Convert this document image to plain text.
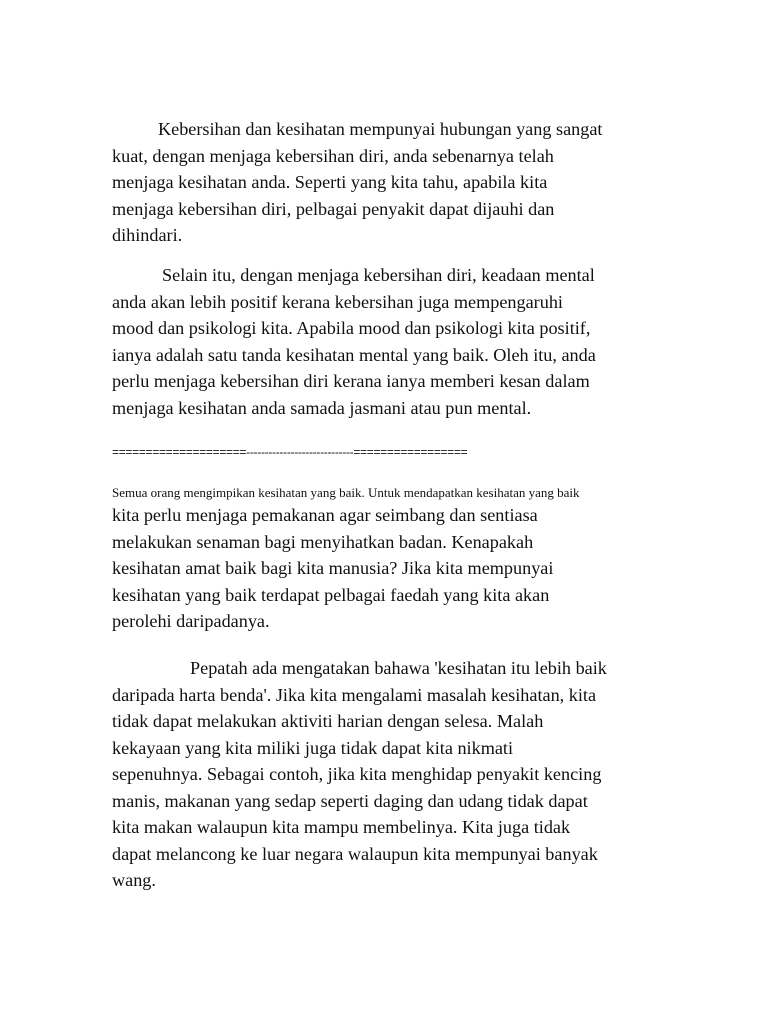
Kebersihan dan kesihatan mempunyai hubungan yang sangat
kuat, dengan menjaga kebersihan diri, anda sebenarnya telah
menjaga kesihatan anda. Seperti yang kita tahu, apabila kita
menjaga kebersihan diri, pelbagai penyakit dapat dijauhi dan
dihindari.
Selain itu, dengan menjaga kebersihan diri, keadaan mental
anda akan lebih positif kerana kebersihan juga mempengaruhi
mood dan psikologi kita. Apabila mood dan psikologi kita positif,
ianya adalah satu tanda kesihatan mental yang baik. Oleh itu, anda
perlu menjaga kebersihan diri kerana ianya memberi kesan dalam
menjaga kesihatan anda samada jasmani atau pun mental.
====================-----------------------------=================
Semua orang mengimpikan kesihatan yang baik. Untuk mendapatkan kesihatan yang baik
kita perlu menjaga pemakanan agar seimbang dan sentiasa
melakukan senaman bagi menyihatkan badan. Kenapakah
kesihatan amat baik bagi kita manusia? Jika kita mempunyai
kesihatan yang baik terdapat pelbagai faedah yang kita akan
perolehi daripadanya.
Pepatah ada mengatakan bahawa 'kesihatan itu lebih baik
daripada harta benda'. Jika kita mengalami masalah kesihatan, kita
tidak dapat melakukan aktiviti harian dengan selesa. Malah
kekayaan yang kita miliki juga tidak dapat kita nikmati
sepenuhnya. Sebagai contoh, jika kita menghidap penyakit kencing
manis, makanan yang sedap seperti daging dan udang tidak dapat
kita makan walaupun kita mampu membelinya. Kita juga tidak
dapat melancong ke luar negara walaupun kita mempunyai banyak
wang.
